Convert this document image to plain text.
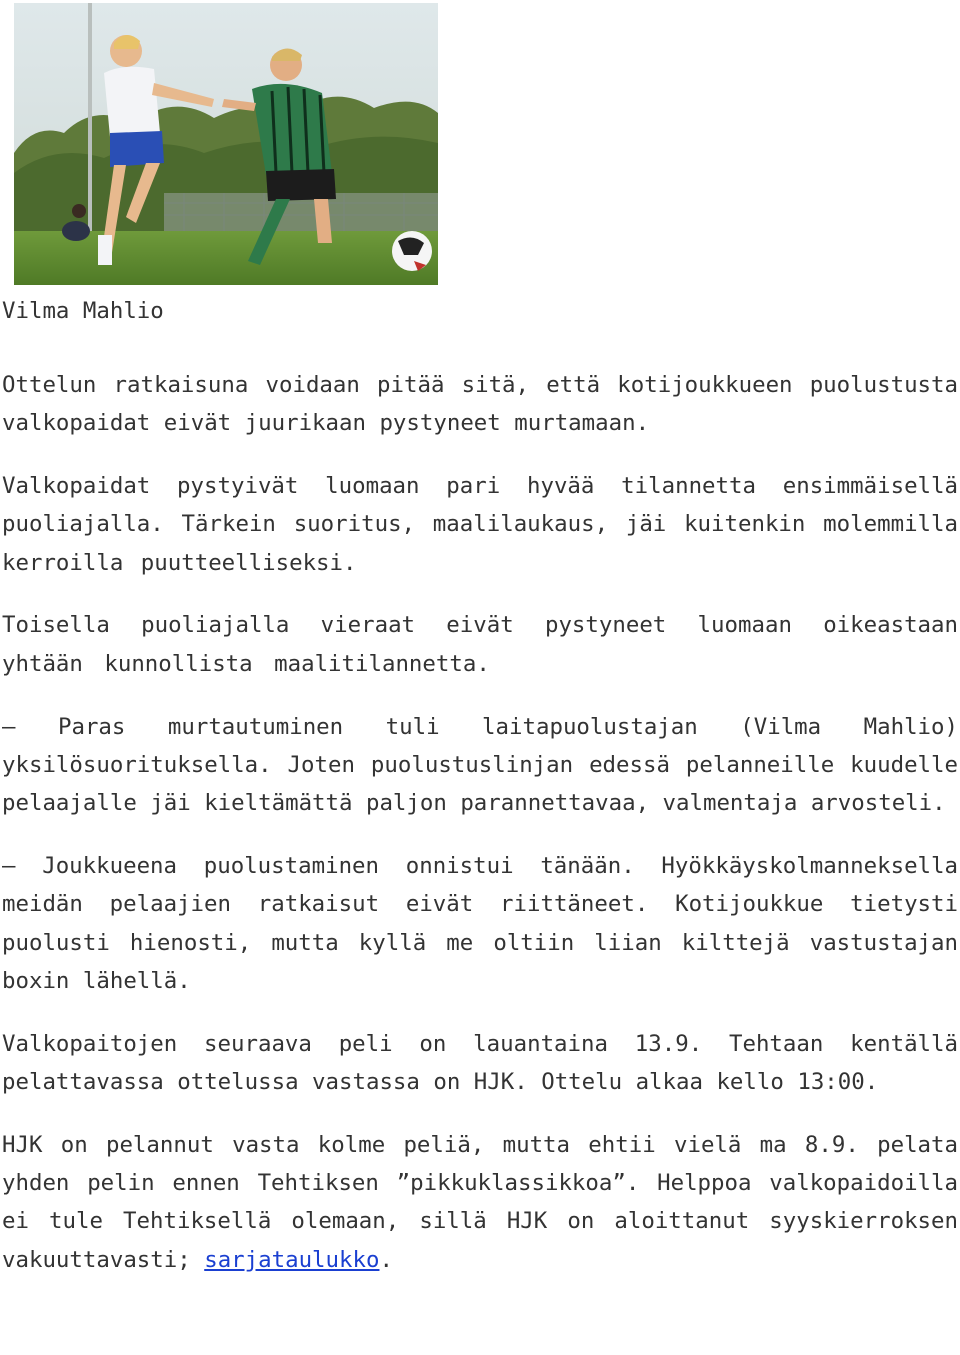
Vilma Mahlio

Ottelun ratkaisuna voidaan pitää sitä, että kotijoukkueen puolustusta valkopaidat eivät juurikaan pystyneet murtamaan.

Valkopaidat pystyivät luomaan pari hyvää tilannetta ensimmäisellä puoliajalla. Tärkein suoritus, maalilaukaus, jäi kuitenkin molemmilla kerroilla puutteelliseksi.

Toisella puoliajalla vieraat eivät pystyneet luomaan oikeastaan yhtään kunnollista maalitilannetta.

– Paras murtautuminen tuli laitapuolustajan (Vilma Mahlio) yksilösuorituksella. Joten puolustuslinjan edessä pelanneille kuudelle pelaajalle jäi kieltämättä paljon parannettavaa, valmentaja arvosteli.

– Joukkueena puolustaminen onnistui tänään. Hyökkäyskolmanneksella meidän pelaajien ratkaisut eivät riittäneet. Kotijoukkue tietysti puolusti hienosti, mutta kyllä me oltiin liian kilttejä vastustajan boxin lähellä.

Valkopaitojen seuraava peli on lauantaina 13.9. Tehtaan kentällä pelattavassa ottelussa vastassa on HJK. Ottelu alkaa kello 13:00.

HJK on pelannut vasta kolme peliä, mutta ehtii vielä ma 8.9. pelata yhden pelin ennen Tehtiksen ”pikkuklassikkoa”. Helppoa valkopaidoilla ei tule Tehtiksellä olemaan, sillä HJK on aloittanut syyskierroksen vakuuttavasti; sarjataulukko.
